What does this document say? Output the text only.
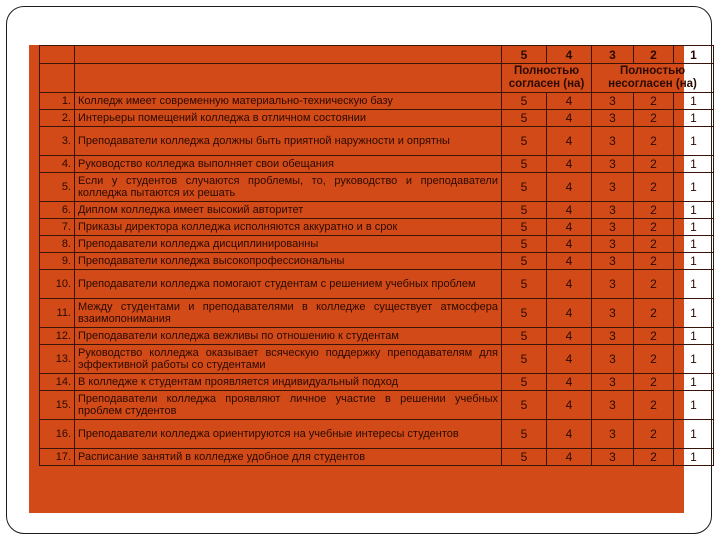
		5	4	3	2	1
		Полностью согласен (на)		Полностью несогласен (на)		
1.	Колледж имеет современную материально-техническую базу	5	4	3	2	1
2.	Интерьеры помещений колледжа в отличном состоянии	5	4	3	2	1
3.	Преподаватели колледжа должны быть приятной наружности и опрятны	5	4	3	2	1
4.	Руководство колледжа выполняет свои обещания	5	4	3	2	1
5.	Если у студентов случаются проблемы, то, руководство и преподаватели колледжа пытаются их решать	5	4	3	2	1
6.	Диплом колледжа имеет высокий авторитет	5	4	3	2	1
7.	Приказы директора колледжа исполняются аккуратно и в срок	5	4	3	2	1
8.	Преподаватели колледжа дисциплинированны	5	4	3	2	1
9.	Преподаватели колледжа высокопрофессиональны	5	4	3	2	1
10.	Преподаватели колледжа помогают студентам с решением учебных проблем	5	4	3	2	1
11.	Между студентами и преподавателями в колледже существует атмосфера взаимопонимания	5	4	3	2	1
12.	Преподаватели колледжа вежливы по отношению к студентам	5	4	3	2	1
13.	Руководство колледжа оказывает всяческую поддержку преподавателям для эффективной работы со студентами	5	4	3	2	1
14.	В колледже к студентам проявляется индивидуальный подход	5	4	3	2	1
15.	Преподаватели колледжа проявляют личное участие в решении учебных проблем студентов	5	4	3	2	1
16.	Преподаватели колледжа ориентируются на учебные интересы студентов	5	4	3	2	1
17.	Расписание занятий в колледже удобное для студентов	5	4	3	2	1
